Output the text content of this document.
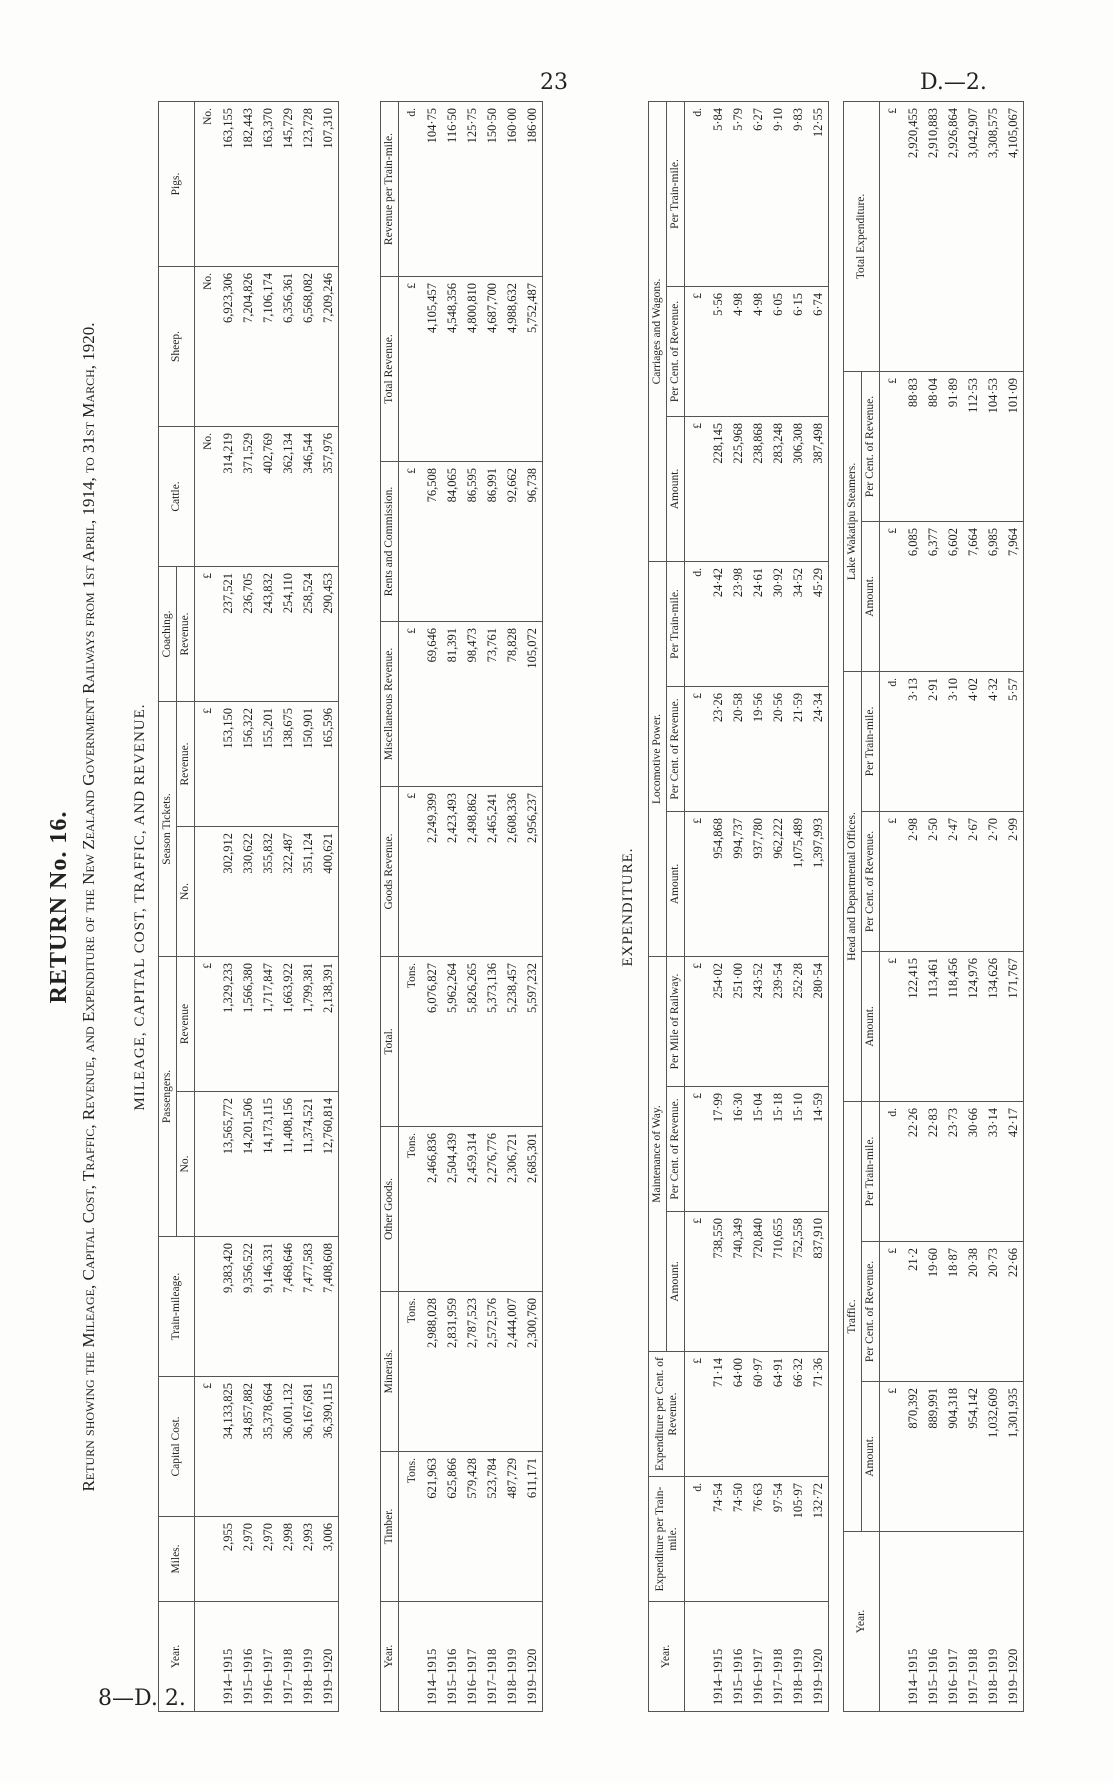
23	D.—2.
8—D. 2.
RETURN No. 16. Return showing the Mileage, Capital Cost, Traffic, Revenue, and Expenditure of the New Zealand Government Railways from 1st April, 1914, to 31st March, 1920. MILEAGE, CAPITAL COST, TRAFFIC, AND REVENUE.
Year.	Miles.	Capital Cost.	Train-mileage.	Passengers.		Season Tickets.		Coaching.	Cattle.	Sheep.	Pigs.
				No.	Revenue	No.	Revenue.	Revenue.			
		£			£		£	£	No.	No.	No.
1914–1915	2,955	34,133,825	9,383,420	13,565,772	1,329,233	302,912	153,150	237,521	314,219	6,923,306	163,155
1915–1916	2,970	34,857,882	9,356,522	14,201,506	1,566,380	330,622	156,322	236,705	371,529	7,204,826	182,443
1916–1917	2,970	35,378,664	9,146,331	14,173,115	1,717,847	355,832	155,201	243,832	402,769	7,106,174	163,370
1917–1918	2,998	36,001,132	7,468,646	11,408,156	1,663,922	322,487	138,675	254,110	362,134	6,356,361	145,729
1918–1919	2,993	36,167,681	7,477,583	11,374,521	1,799,381	351,124	150,901	258,524	346,544	6,568,082	123,728
1919–1920	3,006	36,390,115	7,408,608	12,760,814	2,138,391	400,621	165,596	290,453	357,976	7,209,246	107,310
Year.	Timber.	Minerals.	Other Goods.	Total.	Goods Revenue.	Miscellaneous Revenue.	Rents and Commission.	Total Revenue.	Revenue per Train-mile.
	Tons.	Tons.	Tons.	Tons.	£	£	£	£	d.
1914–1915	621,963	2,988,028	2,466,836	6,076,827	2,249,399	69,646	76,508	4,105,457	104·75
1915–1916	625,866	2,831,959	2,504,439	5,962,264	2,423,493	81,391	84,065	4,548,356	116·50
1916–1917	579,428	2,787,523	2,459,314	5,826,265	2,498,862	98,473	86,595	4,800,810	125·75
1917–1918	523,784	2,572,576	2,276,776	5,373,136	2,465,241	73,761	86,991	4,687,700	150·50
1918–1919	487,729	2,444,007	2,306,721	5,238,457	2,608,336	78,828	92,662	4,988,632	160·00
1919–1920	611,171	2,300,760	2,685,301	5,597,232	2,956,237	105,072	96,738	5,752,487	186·00
EXPENDITURE.
Year.	Expenditure per Train-mile.	Expenditure per Cent. of Revenue.	Maintenance of Way.			Locomotive Power.			Carriages and Wagons.		
			Amount.	Per Cent. of Revenue.	Per Mile of Railway.	Amount.	Per Cent. of Revenue.	Per Train-mile.	Amount.	Per Cent. of Revenue.	Per Train-mile.
	d.	£	£	£	£	£	£	d.	£	£	d.
1914–1915	74·54	71·14	738,550	17·99	254·02	954,868	23·26	24·42	228,145	5·56	5·84
1915–1916	74·50	64·00	740,349	16·30	251·00	994,737	20·58	23·98	225,968	4·98	5·79
1916–1917	76·63	60·97	720,840	15·04	243·52	937,780	19·56	24·61	238,868	4·98	6·27
1917–1918	97·54	64·91	710,655	15·18	239·54	962,222	20·56	30·92	283,248	6·05	9·10
1918–1919	105·97	66·32	752,558	15·10	252·28	1,075,489	21·59	34·52	306,308	6·15	9·83
1919–1920	132·72	71·36	837,910	14·59	280·54	1,397,993	24·34	45·29	387,498	6·74	12·55
Year.	Traffic.			Head and Departmental Offices.			Lake Wakatipu Steamers.		Total Expenditure.
	Amount.	Per Cent. of Revenue.	Per Train-mile.	Amount.	Per Cent. of Revenue.	Per Train-mile.	Amount.	Per Cent. of Revenue.	
	£	£	d.	£	£	d.	£	£	£
1914–1915	870,392	21·2	22·26	122,415	2·98	3·13	6,085	88·83	2,920,455
1915–1916	889,991	19·60	22·83	113,461	2·50	2·91	6,377	88·04	2,910,883
1916–1917	904,318	18·87	23·73	118,456	2·47	3·10	6,602	91·89	2,926,864
1917–1918	954,142	20·38	30·66	124,976	2·67	4·02	7,664	112·53	3,042,907
1918–1919	1,032,609	20·73	33·14	134,626	2·70	4·32	6,985	104·53	3,308,575
1919–1920	1,301,935	22·66	42·17	171,767	2·99	5·57	7,964	101·09	4,105,067
